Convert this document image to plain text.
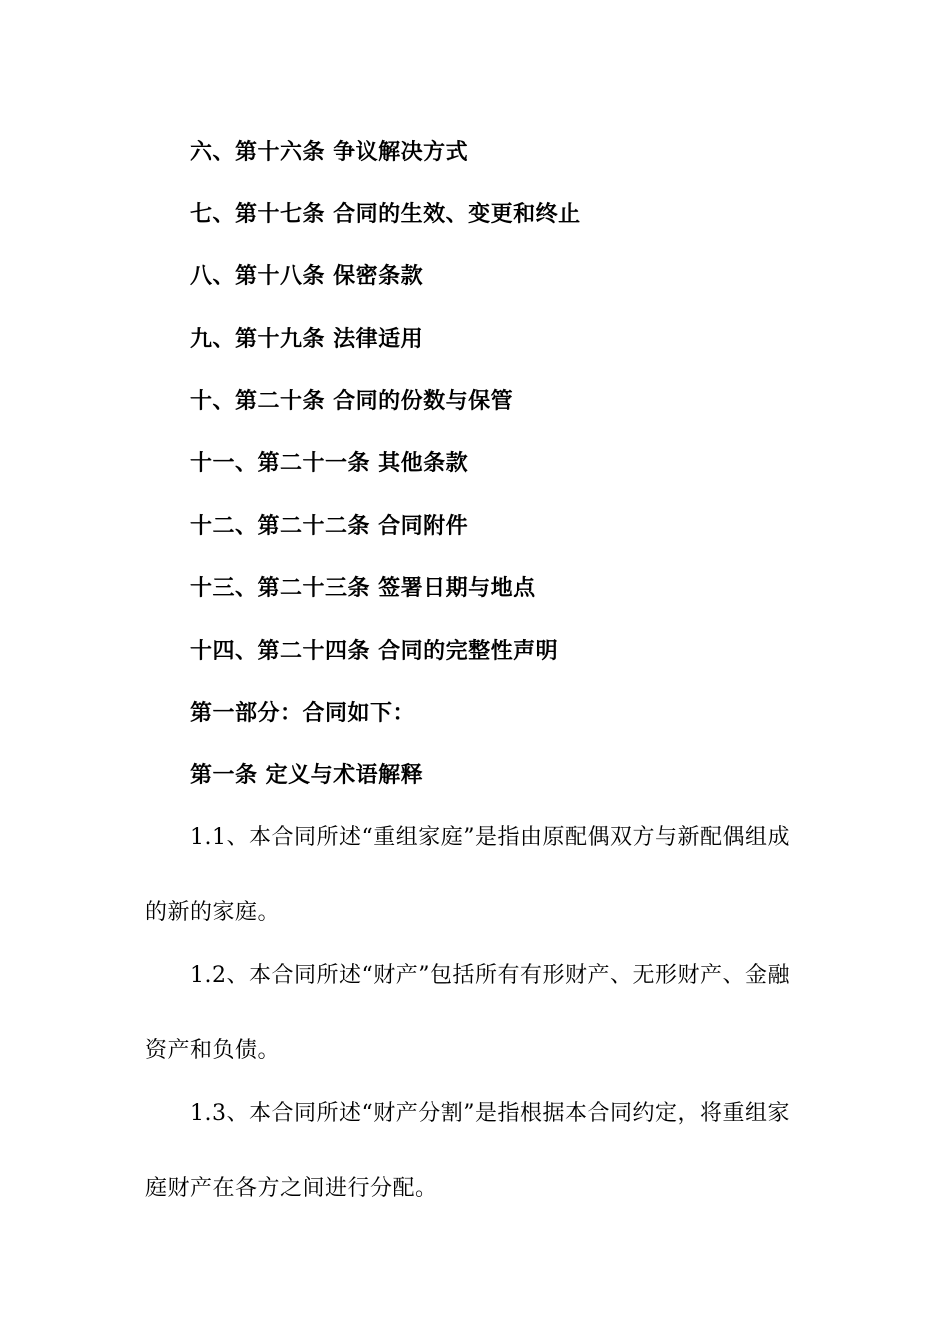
六、第十六条 争议解决方式
七、第十七条 合同的生效、变更和终止
八、第十八条 保密条款
九、第十九条 法律适用
十、第二十条 合同的份数与保管
十一、第二十一条 其他条款
十二、第二十二条 合同附件
十三、第二十三条 签署日期与地点
十四、第二十四条 合同的完整性声明
第一部分：合同如下：
第一条 定义与术语解释
1.1、本合同所述“重组家庭”是指由原配偶双方与新配偶组成
的新的家庭。
1.2、本合同所述“财产”包括所有有形财产、无形财产、金融
资产和负债。
1.3、本合同所述“财产分割”是指根据本合同约定，将重组家
庭财产在各方之间进行分配。
